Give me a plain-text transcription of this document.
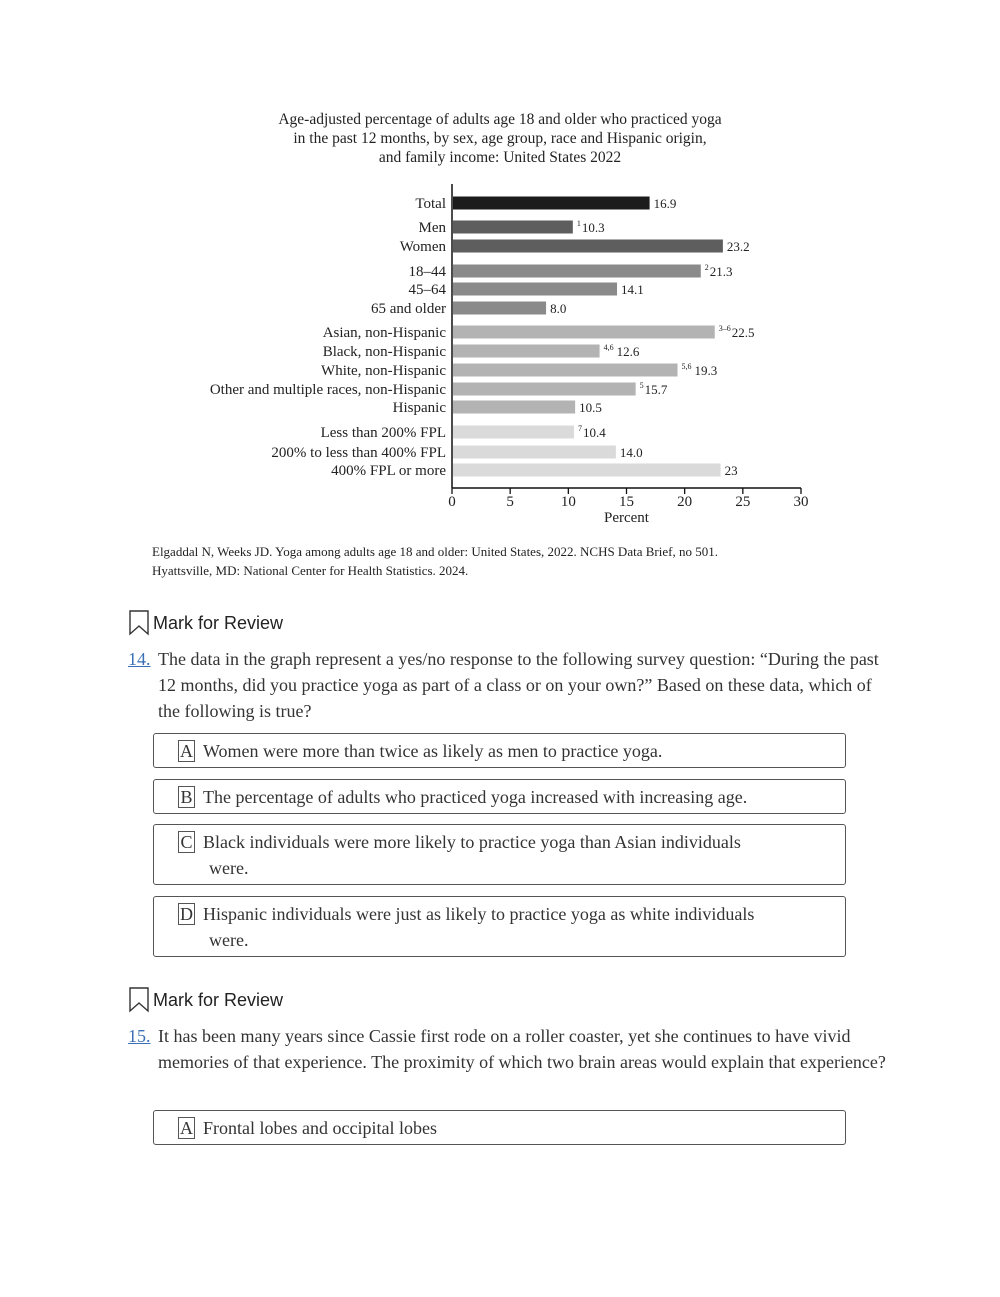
Age-adjusted percentage of adults age 18 and older who practiced yoga
in the past 12 months, by sex, age group, race and Hispanic origin,
and family income: United States 2022
Total	16.9
Men	1 10.3
Women	23.2
18–44	2 21.3
45–64	14.1
65 and older	8.0
Asian, non-Hispanic	3–6 22.5
Black, non-Hispanic	4,6 12.6
White, non-Hispanic	5,6 19.3
Other and multiple races, non-Hispanic	5 15.7
Hispanic	10.5
Less than 200% FPL	7 10.4
200% to less than 400% FPL	14.0
400% FPL or more	23
0	5	10	15	20	25	30
Percent
Elgaddal N, Weeks JD. Yoga among adults age 18 and older: United States, 2022. NCHS Data Brief, no 501.
Hyattsville, MD: National Center for Health Statistics. 2024.
Mark for Review
14. The data in the graph represent a yes/no response to the following survey question: “During the past 12 months, did you practice yoga as part of a class or on your own?” Based on these data, which of the following is true?
A Women were more than twice as likely as men to practice yoga.
B The percentage of adults who practiced yoga increased with increasing age.
C Black individuals were more likely to practice yoga than Asian individuals
were.
D Hispanic individuals were just as likely to practice yoga as white individuals
were.
Mark for Review
15. It has been many years since Cassie first rode on a roller coaster, yet she continues to have vivid memories of that experience. The proximity of which two brain areas would explain that experience?
A Frontal lobes and occipital lobes
